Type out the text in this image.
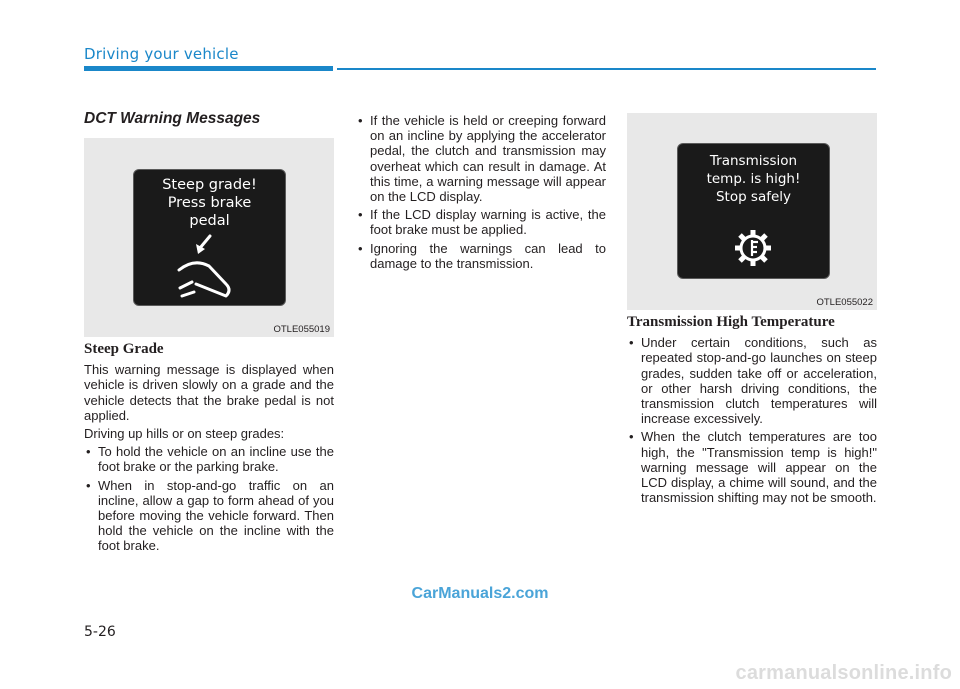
Driving your vehicle
DCT Warning Messages
Steep grade!
Press brake
pedal
OTLE055019
Steep Grade

This warning message is displayed when vehicle is driven slowly on a grade and the vehicle detects that the brake pedal is not applied.

Driving up hills or on steep grades:

• To hold the vehicle on an incline use the foot brake or the parking brake.
• When in stop-and-go traffic on an incline, allow a gap to form ahead of you before moving the vehicle forward. Then hold the vehicle on the incline with the foot brake.
• If the vehicle is held or creeping forward on an incline by applying the accelerator pedal, the clutch and transmission may overheat which can result in damage. At this time, a warning message will appear on the LCD display.
• If the LCD display warning is active, the foot brake must be applied.
• Ignoring the warnings can lead to damage to the transmission.
Transmission
temp. is high!
Stop safely
OTLE055022
Transmission High Temperature
• Under certain conditions, such as repeated stop-and-go launches on steep grades, sudden take off or acceleration, or other harsh driving conditions, the transmission clutch temperatures will increase excessively.
• When the clutch temperatures are too high, the "Transmission temp is high!" warning message will appear on the LCD display, a chime will sound, and the transmission shifting may not be smooth.
CarManuals2.com
5-26
carmanualsonline.info
